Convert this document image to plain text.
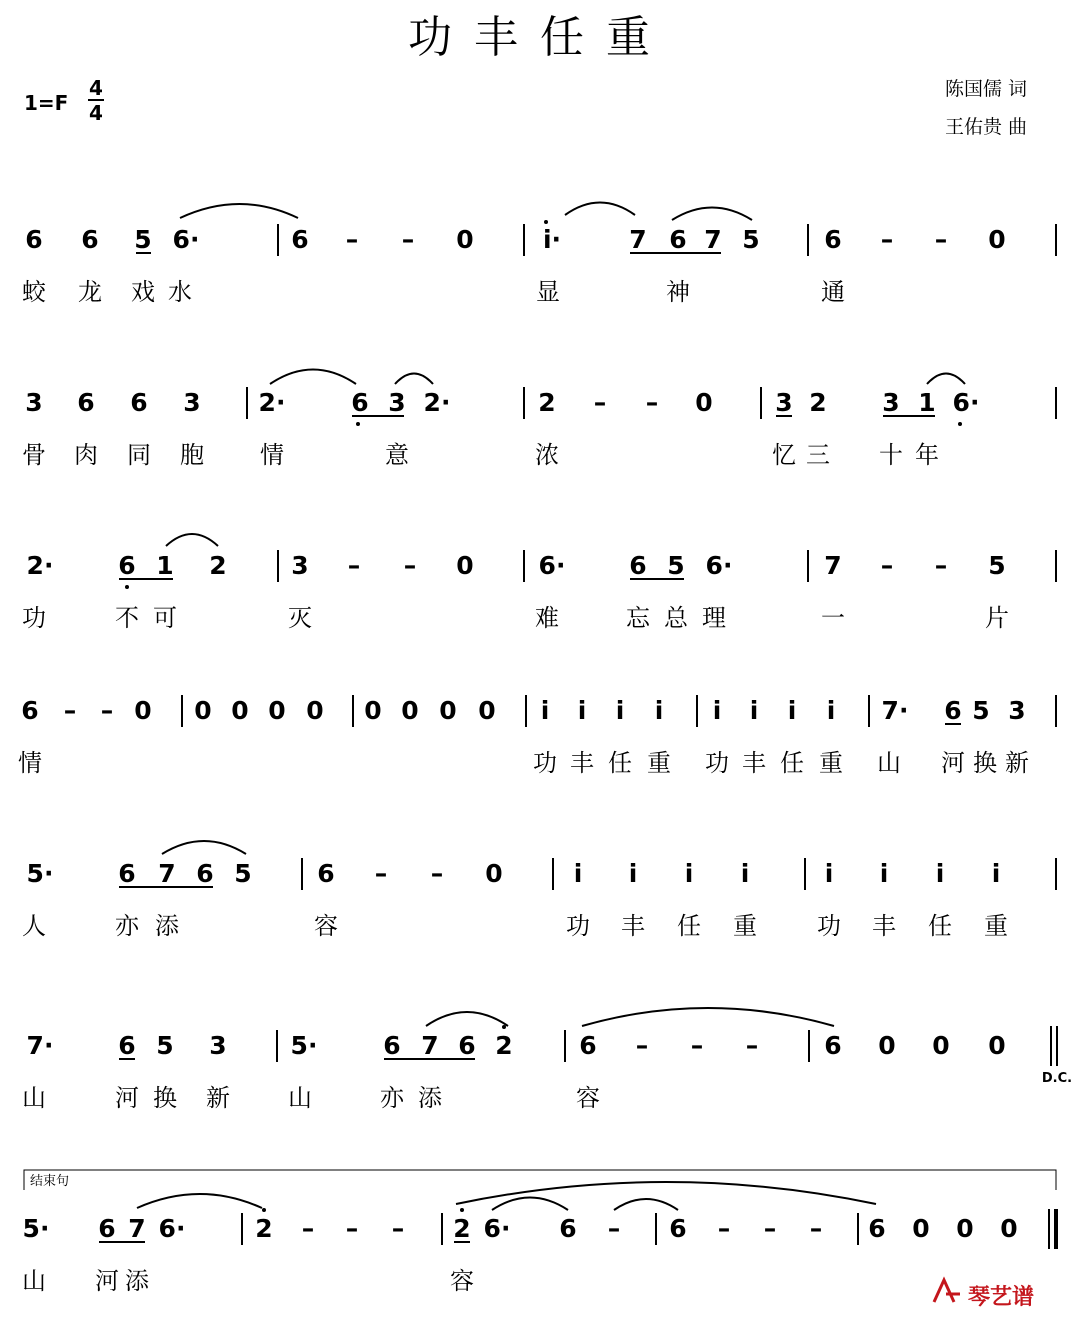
功丰任重
1=F
4
4
陈国儒 词
王佑贵 曲
6 6 5 6·	6 – – 0	i·	7 6 7 5	6 – – 0
蛟 龙 戏 水	显	神	通
3 6 6 3 2·	6 3 2·	2 – – 0	3 2 3 1 6·
骨 肉 同 胞 情	意	浓	忆 三 十 年
2·	6 1 2	3 – – 0	6·	6 5 6·	7 – – 5
功	不 可	灭	难	忘 总 理	一	片
6 – – 0 0 0 0 0 0 0 0 0 i i i i i i i i 7· 6 5 3
情	功 丰 任 重 功 丰 任 重 山 河 换 新
5·	6 7 6 5	6 – – 0	i i i i	i i i i
人	亦 添	容	功 丰 任 重	功 丰 任 重
7·	6 5 3	5·	6 7 6 2	6 – – –	6 0 0 0
D.C.
山	河 换 新 山	亦 添	容
结束句
5· 6 7 6·	2 – – – 2 6· 6 – 6 – – – 6 0 0 0
山 河 添	容
琴艺谱
